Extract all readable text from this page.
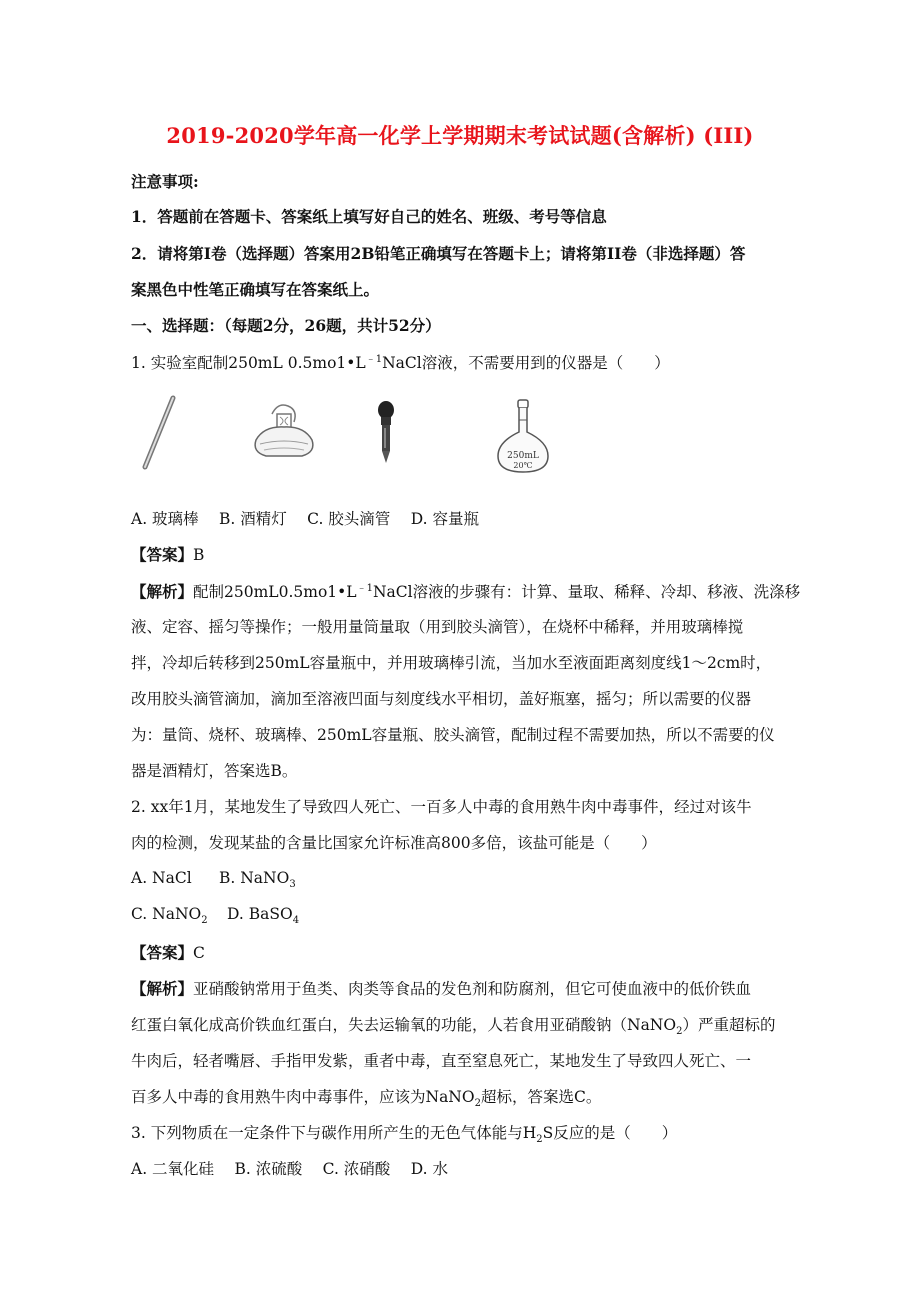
2019-2020学年高一化学上学期期末考试试题(含解析) (III)
注意事项:
1．答题前在答题卡、答案纸上填写好自己的姓名、班级、考号等信息
2．请将第I卷（选择题）答案用2B铅笔正确填写在答题卡上；请将第II卷（非选择题）答
案黑色中性笔正确填写在答案纸上。
一、选择题：（每题2分，26题，共计52分）
1. 实验室配制250mL $0.5mo1•L^{﹣1}NaCl$溶液，不需要用到的仪器是（　　）
250mL
20℃
A. 玻璃棒　 B. 酒精灯　 C. 胶头滴管　 D. 容量瓶
【答案】B
【解析】配制$250mL0.5mo1•L^{﹣1}NaCl$溶液的步骤有：计算、量取、稀释、冷却、移液、洗涤移
液、定容、摇匀等操作；一般用量筒量取（用到胶头滴管），在烧杯中稀释，并用玻璃棒搅
拌，冷却后转移到250mL容量瓶中，并用玻璃棒引流，当加水至液面距离刻度线1～2cm时，
改用胶头滴管滴加，滴加至溶液凹面与刻度线水平相切，盖好瓶塞，摇匀；所以需要的仪器
为：量筒、烧杯、玻璃棒、250mL容量瓶、胶头滴管，配制过程不需要加热，所以不需要的仪
器是酒精灯，答案选B。
2. xx年1月，某地发生了导致四人死亡、一百多人中毒的食用熟牛肉中毒事件，经过对该牛
肉的检测，发现某盐的含量比国家允许标准高800多倍，该盐可能是（　　）
A. NaCl B. NaNO$_3$
C. NaNO$_2$ D. BaSO$_4$
【答案】C
【解析】亚硝酸钠常用于鱼类、肉类等食品的发色剂和防腐剂，但它可使血液中的低价铁血
红蛋白氧化成高价铁血红蛋白，失去运输氧的功能，人若食用亚硝酸钠（NaNO$_2$）严重超标的
牛肉后，轻者嘴唇、手指甲发紫，重者中毒，直至窒息死亡，某地发生了导致四人死亡、一
百多人中毒的食用熟牛肉中毒事件，应该为NaNO$_2$超标，答案选C。
3. 下列物质在一定条件下与碳作用所产生的无色气体能与$H_2S$反应的是（　　）
A. 二氧化硅　 B. 浓硫酸　 C. 浓硝酸　 D. 水
